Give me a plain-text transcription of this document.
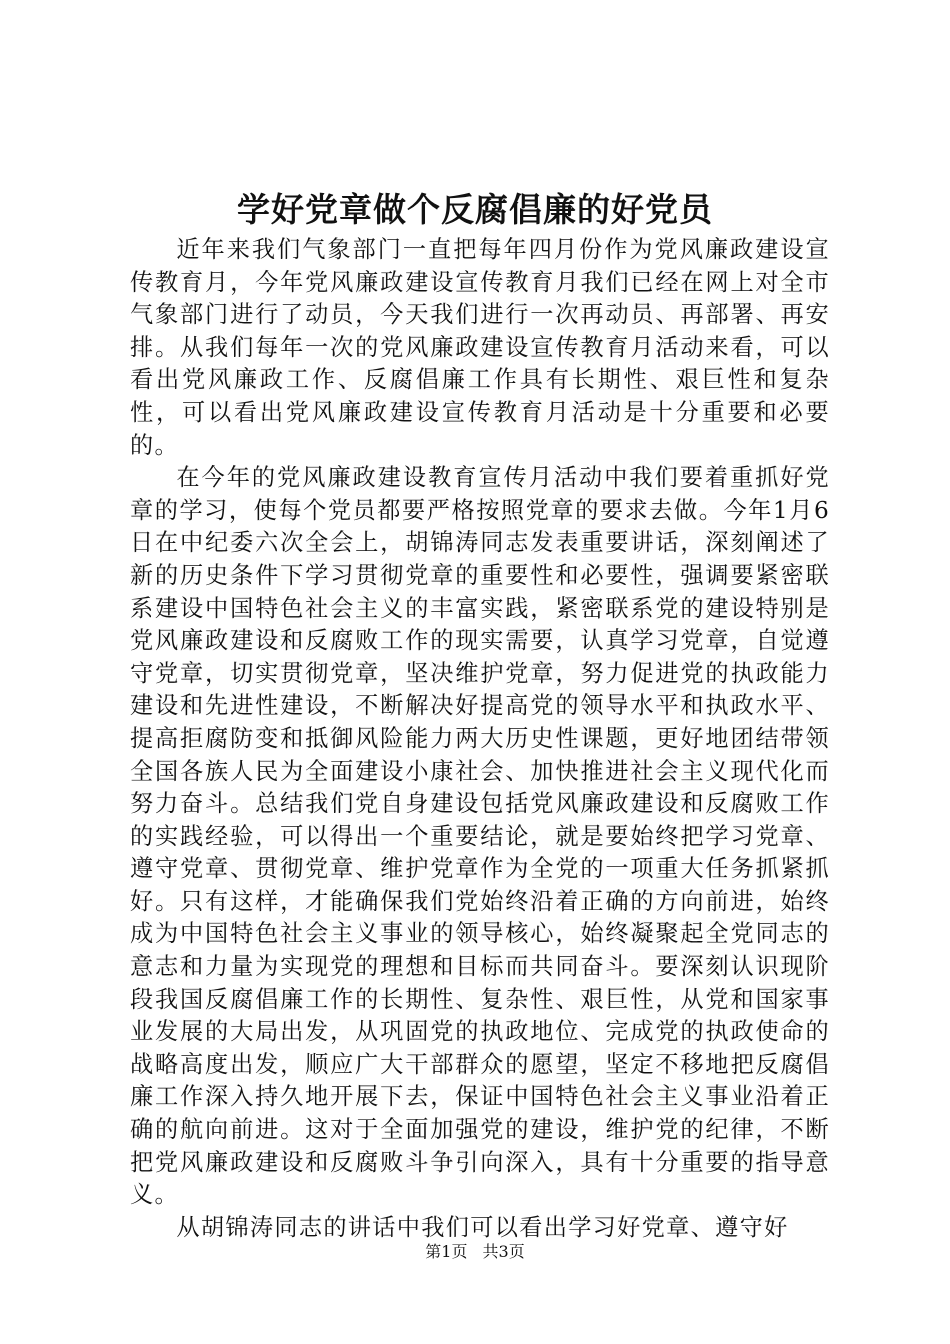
学好党章做个反腐倡廉的好党员

近年来我们气象部门一直把每年四月份作为党风廉政建设宣传教育月，今年党风廉政建设宣传教育月我们已经在网上对全市气象部门进行了动员，今天我们进行一次再动员、再部署、再安排。从我们每年一次的党风廉政建设宣传教育月活动来看，可以看出党风廉政工作、反腐倡廉工作具有长期性、艰巨性和复杂性，可以看出党风廉政建设宣传教育月活动是十分重要和必要的。

在今年的党风廉政建设教育宣传月活动中我们要着重抓好党章的学习，使每个党员都要严格按照党章的要求去做。今年1月6日在中纪委六次全会上，胡锦涛同志发表重要讲话，深刻阐述了新的历史条件下学习贯彻党章的重要性和必要性，强调要紧密联系建设中国特色社会主义的丰富实践，紧密联系党的建设特别是党风廉政建设和反腐败工作的现实需要，认真学习党章，自觉遵守党章，切实贯彻党章，坚决维护党章，努力促进党的执政能力建设和先进性建设，不断解决好提高党的领导水平和执政水平、提高拒腐防变和抵御风险能力两大历史性课题，更好地团结带领全国各族人民为全面建设小康社会、加快推进社会主义现代化而努力奋斗。总结我们党自身建设包括党风廉政建设和反腐败工作的实践经验，可以得出一个重要结论，就是要始终把学习党章、遵守党章、贯彻党章、维护党章作为全党的一项重大任务抓紧抓好。只有这样，才能确保我们党始终沿着正确的方向前进，始终成为中国特色社会主义事业的领导核心，始终凝聚起全党同志的意志和力量为实现党的理想和目标而共同奋斗。要深刻认识现阶段我国反腐倡廉工作的长期性、复杂性、艰巨性，从党和国家事业发展的大局出发，从巩固党的执政地位、完成党的执政使命的战略高度出发，顺应广大干部群众的愿望，坚定不移地把反腐倡廉工作深入持久地开展下去，保证中国特色社会主义事业沿着正确的航向前进。这对于全面加强党的建设，维护党的纪律，不断把党风廉政建设和反腐败斗争引向深入，具有十分重要的指导意义。

从胡锦涛同志的讲话中我们可以看出学习好党章、遵守好

第1页 共3页
